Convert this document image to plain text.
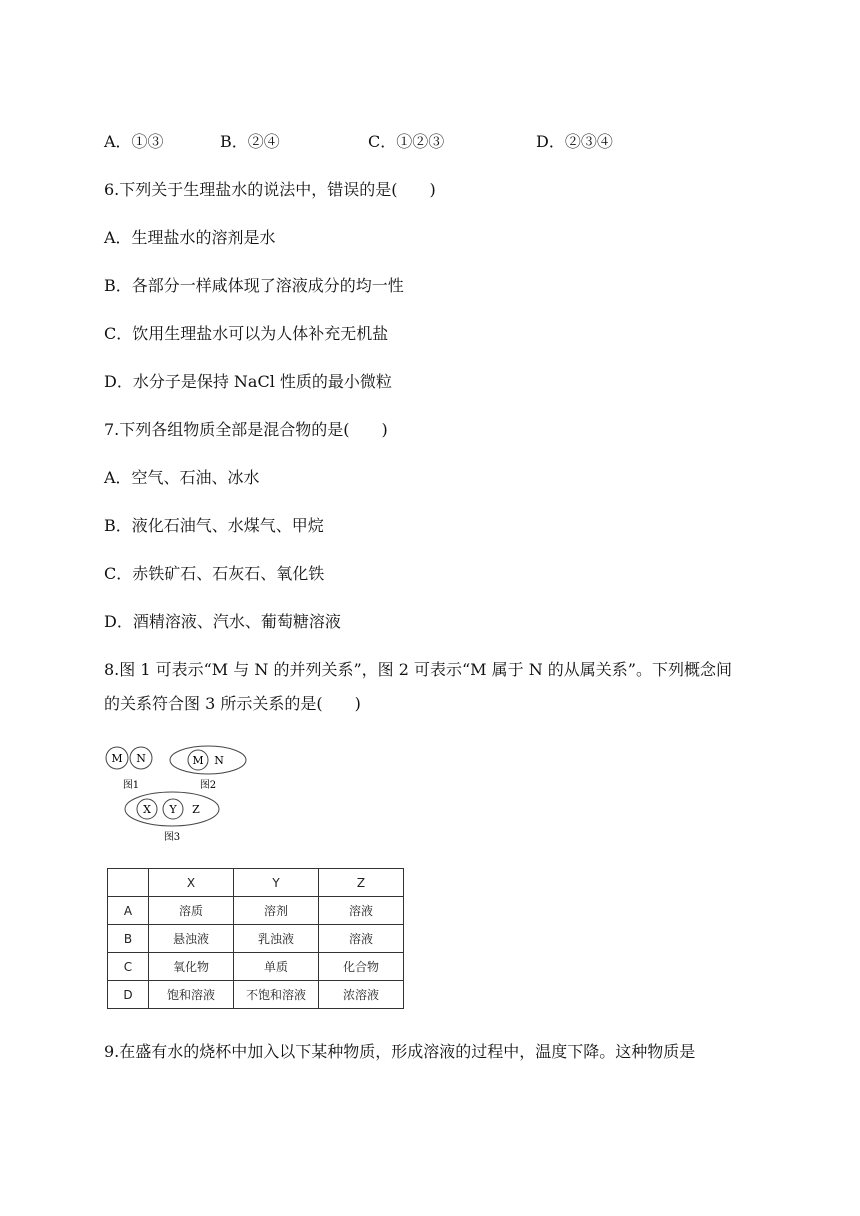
A．①③	B．②④	C．①②③	D．②③④
6.下列关于生理盐水的说法中，错误的是(　　)
A．生理盐水的溶剂是水
B．各部分一样咸体现了溶液成分的均一性
C．饮用生理盐水可以为人体补充无机盐
D．水分子是保持 NaCl 性质的最小微粒
7.下列各组物质全部是混合物的是(　　)
A．空气、石油、冰水
B．液化石油气、水煤气、甲烷
C．赤铁矿石、石灰石、氧化铁
D．酒精溶液、汽水、葡萄糖溶液
8.图 1 可表示“M 与 N 的并列关系”，图 2 可表示“M 属于 N 的从属关系”。下列概念间
的关系符合图 3 所示关系的是(　　)
M N
图1
M N
图2
X Y Z
图3
	X	Y	Z
A	溶质	溶剂	溶液
B	悬浊液	乳浊液	溶液
C	氧化物	单质	化合物
D	饱和溶液	不饱和溶液	浓溶液
9.在盛有水的烧杯中加入以下某种物质，形成溶液的过程中，温度下降。这种物质是
